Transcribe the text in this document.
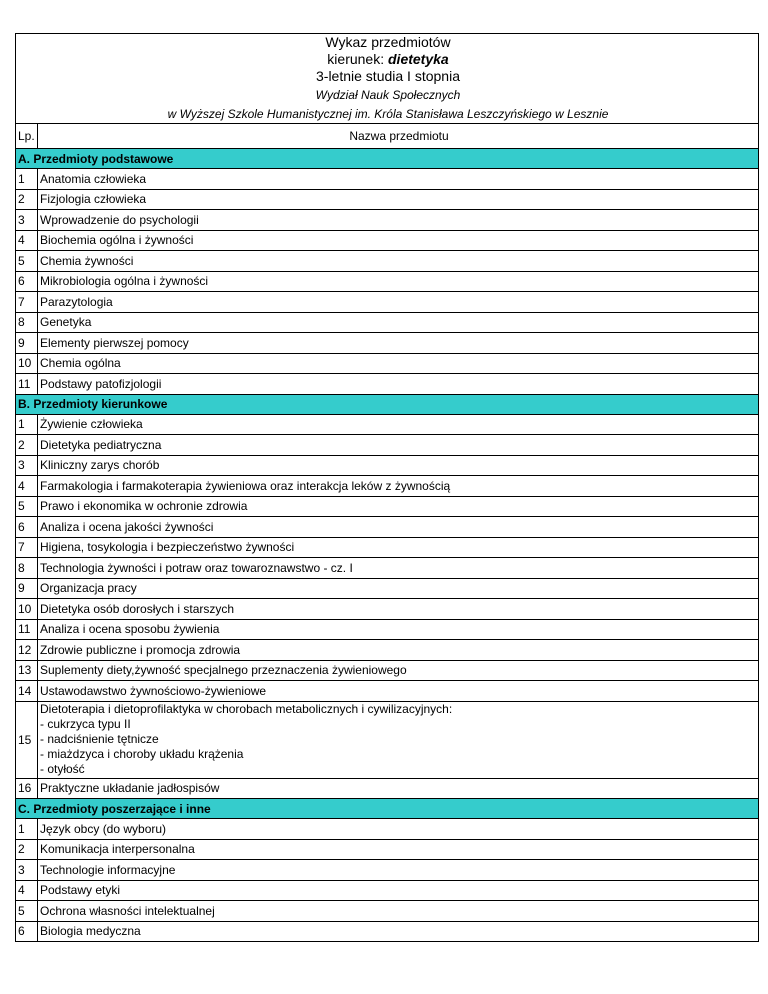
Wykaz przedmiotów
kierunek: dietetyka
3-letnie studia I stopnia
Wydział Nauk Społecznych
w Wyższej Szkole Humanistycznej im. Króla Stanisława Leszczyńskiego w Lesznie	

Lp.	Nazwa przedmiotu
A. Przedmioty podstawowe	
1	Anatomia człowieka
2	Fizjologia człowieka
3	Wprowadzenie do psychologii
4	Biochemia ogólna i żywności
5	Chemia żywności
6	Mikrobiologia ogólna i żywności
7	Parazytologia
8	Genetyka
9	Elementy pierwszej pomocy
10	Chemia ogólna
11	Podstawy patofizjologii
B. Przedmioty kierunkowe	
1	Żywienie człowieka
2	Dietetyka pediatryczna
3	Kliniczny zarys chorób
4	Farmakologia i farmakoterapia żywieniowa oraz interakcja leków z żywnością
5	Prawo i ekonomika w ochronie zdrowia
6	Analiza i ocena jakości żywności
7	Higiena, tosykologia i bezpieczeństwo żywności
8	Technologia żywności i potraw oraz towaroznawstwo - cz. I
9	Organizacja pracy
10	Dietetyka osób dorosłych i starszych
11	Analiza i ocena sposobu żywienia
12	Zdrowie publiczne i promocja zdrowia
13	Suplementy diety,żywność specjalnego przeznaczenia żywieniowego
14	Ustawodawstwo żywnościowo-żywieniowe
15	Dietoterapia i dietoprofilaktyka w chorobach metabolicznych i cywilizacyjnych:
- cukrzyca typu II
- nadciśnienie tętnicze
- miażdzyca i choroby układu krążenia
- otyłość

16	Praktyczne układanie jadłospisów
C. Przedmioty poszerzające i inne	
1	Język obcy (do wyboru)
2	Komunikacja interpersonalna
3	Technologie informacyjne
4	Podstawy etyki
5	Ochrona własności intelektualnej
6	Biologia medyczna
